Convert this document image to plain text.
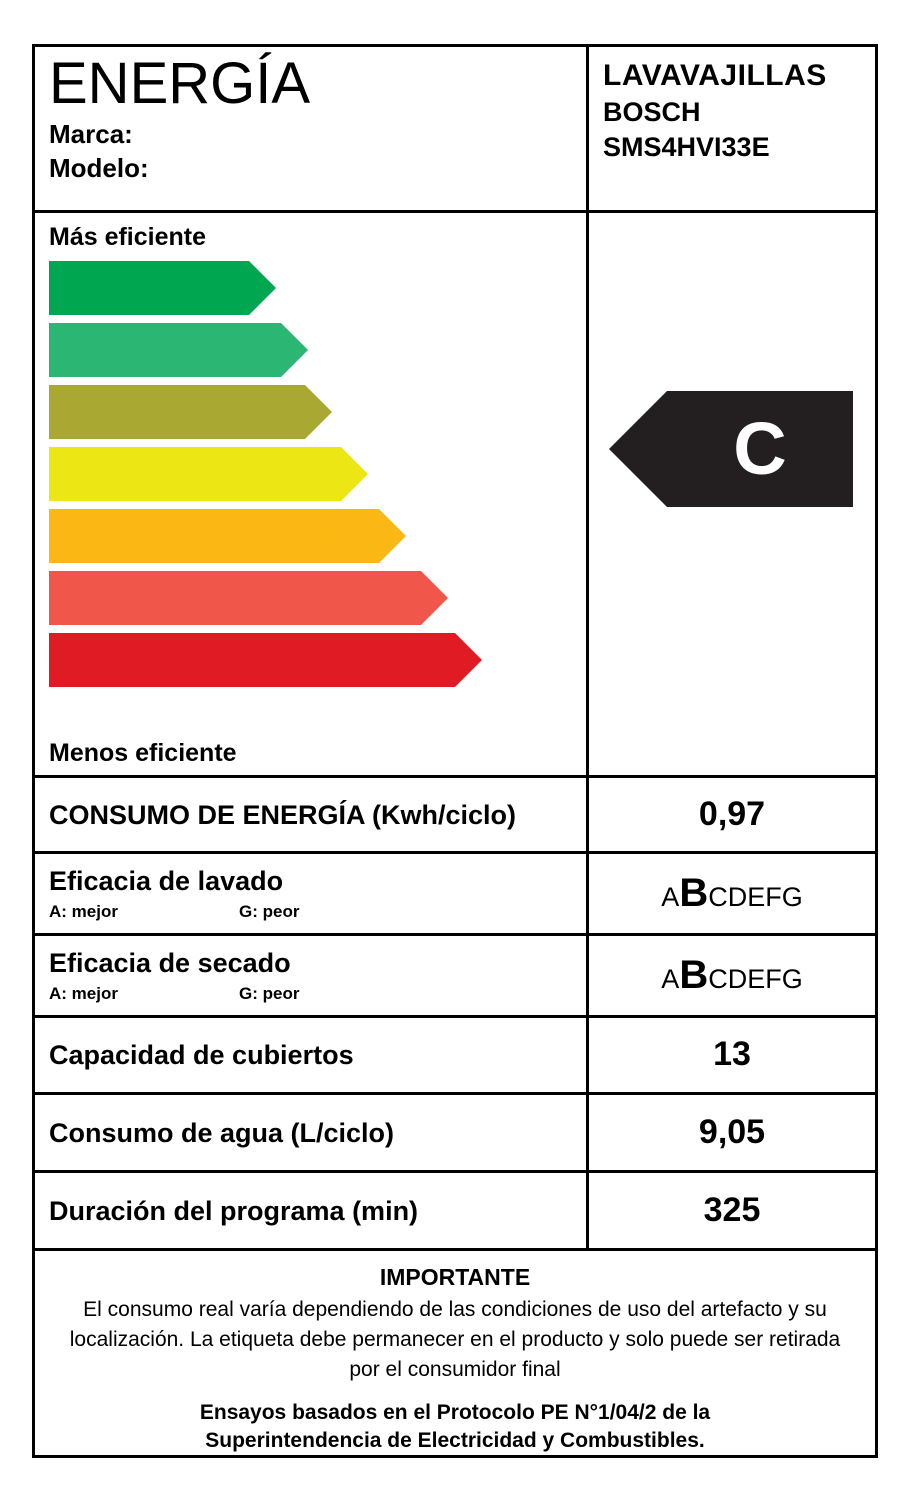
ENERGÍA
Marca:
Modelo:
LAVAVAJILLAS
BOSCH
SMS4HVI33E
Más eficiente
A
B
C
D
E
F
G
Menos eficiente
C
CONSUMO DE ENERGÍA (Kwh/ciclo)	0,97
Eficacia de lavado
A: mejor	G: peor	ABCDEFG
Eficacia de secado
A: mejor	G: peor	ABCDEFG
Capacidad de cubiertos	13
Consumo de agua (L/ciclo)	9,05
Duración del programa (min)	325
IMPORTANTE
El consumo real varía dependiendo de las condiciones de uso del artefacto y su localización. La etiqueta debe permanecer en el producto y solo puede ser retirada por el consumidor final
Ensayos basados en el Protocolo PE N°1/04/2 de la
Superintendencia de Electricidad y Combustibles.
